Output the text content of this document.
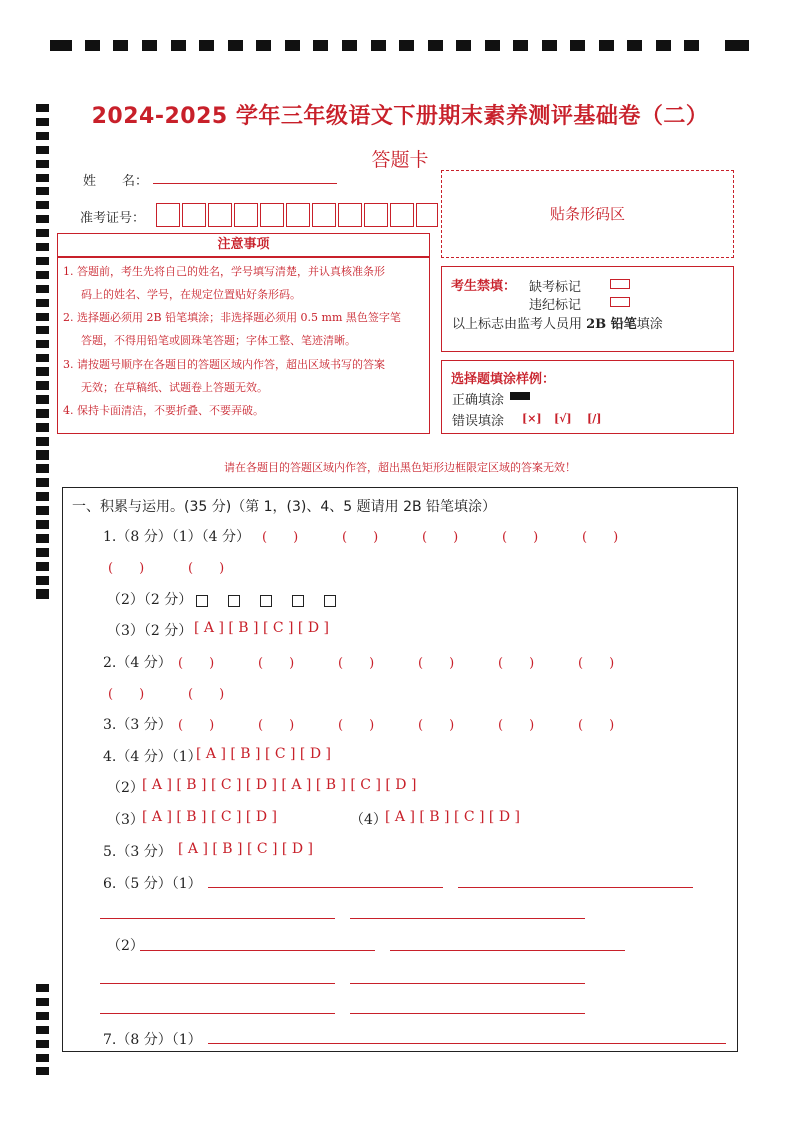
2024-2025 学年三年级语文下册期末素养测评基础卷（二）
答题卡
姓　　名：
准考证号：	贴条形码区
注意事项
1. 答题前，考生先将自己的姓名，学号填写清楚，并认真核准条形
码上的姓名、学号，在规定位置贴好条形码。
2. 选择题必须用 2B 铅笔填涂；非选择题必须用 0.5 mm 黑色签字笔
答题，不得用铅笔或圆珠笔答题；字体工整、笔迹清晰。
3. 请按题号顺序在各题目的答题区域内作答，超出区域书写的答案
无效；在草稿纸、试题卷上答题无效。
4. 保持卡面清洁，不要折叠、不要弄破。
考生禁填： 缺考标记
违纪标记
以上标志由监考人员用 2B 铅笔填涂
选择题填涂样例：
正确填涂
错误填涂 [×] [√] [/]
请在各题目的答题区域内作答，超出黑色矩形边框限定区域的答案无效！
一、积累与运用。(35 分)（第 1，(3)、4、5 题请用 2B 铅笔填涂）
1.（8 分）（1）（4 分） (　　)	(　　)	(　　)	(　　)	(　　)
(　　)	(　　)
（2）（2 分）
（3）（2 分） [ A ] [ B ] [ C ] [ D ]
2.（4 分） (　　)	(　　)	(　　)	(　　)	(　　)	(　　)
(　　)	(　　)
3.（3 分） (　　)	(　　)	(　　)	(　　)	(　　)	(　　)
4.（4 分）（1）
[ A ] [ B ] [ C ] [ D ]
（2）
[ A ] [ B ] [ C ] [ D ] [ A ] [ B ] [ C ] [ D ]
（3）
[ A ] [ B ] [ C ] [ D ]	（4）
[ A ] [ B ] [ C ] [ D ]
5.（3 分） [ A ] [ B ] [ C ] [ D ]
6.（5 分）（1）
（2）
7.（8 分）（1）
